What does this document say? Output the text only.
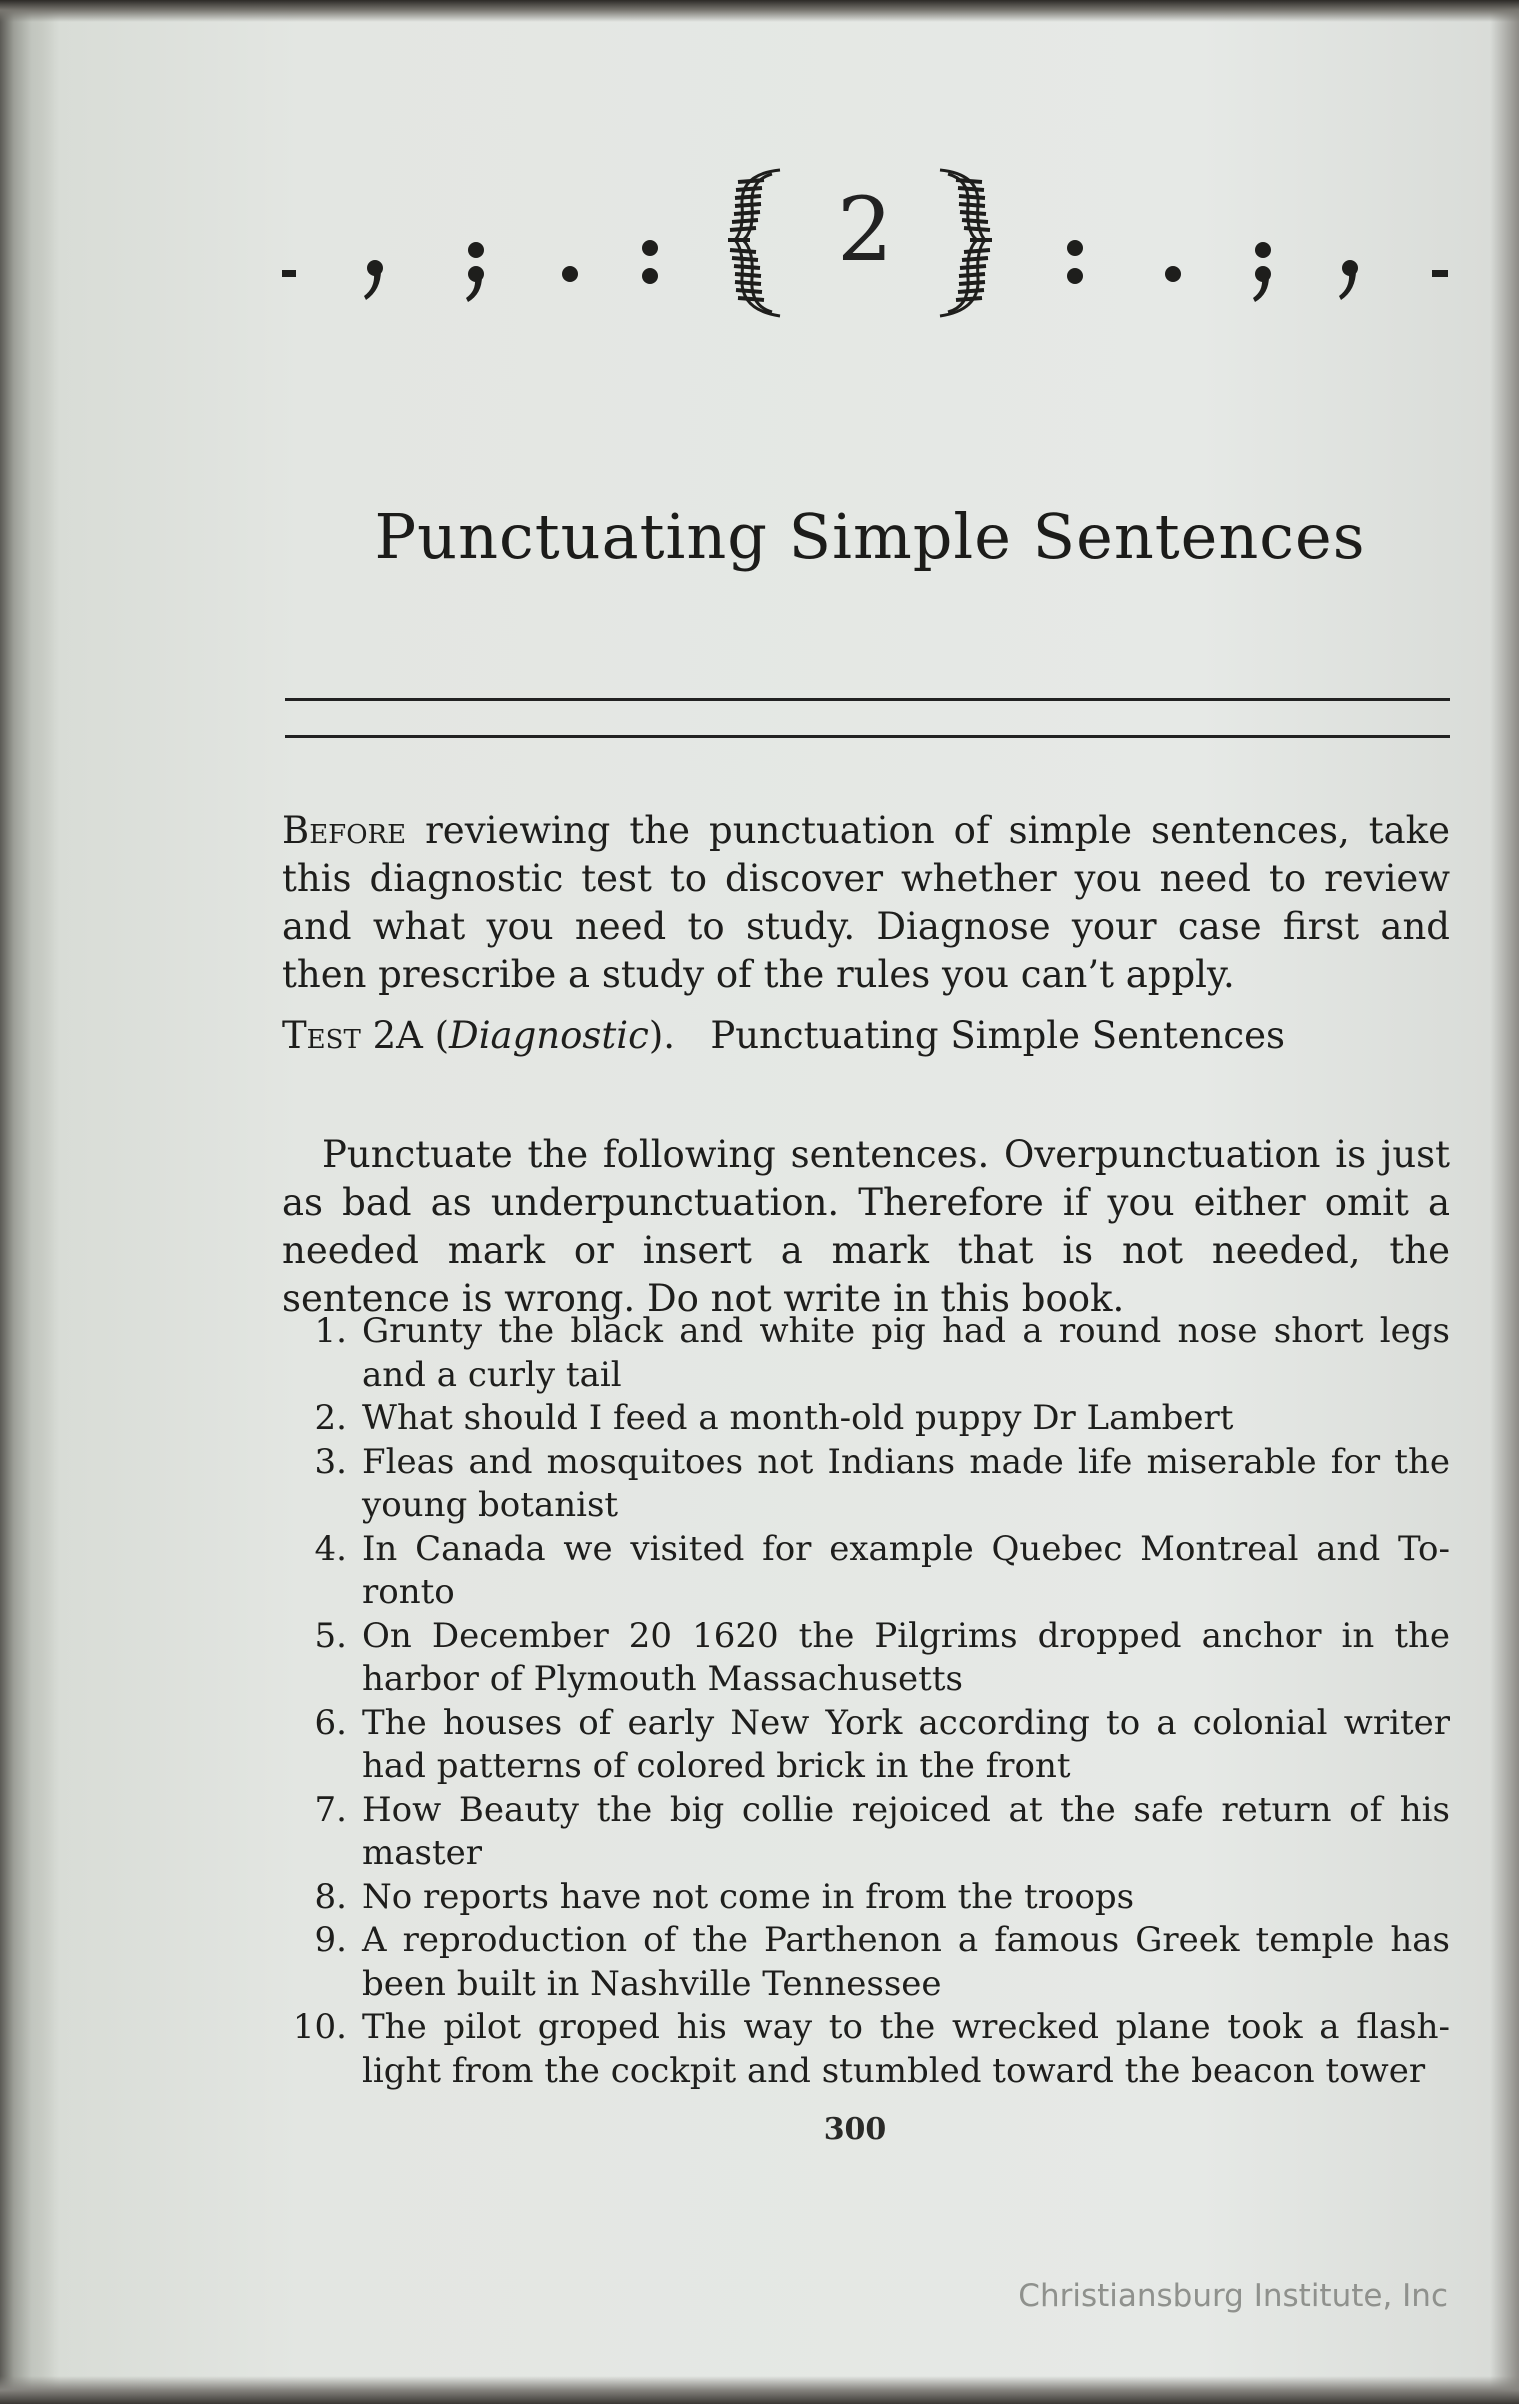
2
Punctuating Simple Sentences

Before reviewing the punctuation of simple sentences, take this diagnostic test to discover whether you need to review and what you need to study. Diagnose your case first and then prescribe a study of the rules you can’t apply.

Test 2A (Diagnostic). Punctuating Simple Sentences

Punctuate the following sentences. Overpunctuation is just as bad as underpunctuation. Therefore if you either omit a needed mark or insert a mark that is not needed, the sentence is wrong. Do not write in this book.

1. Grunty the black and white pig had a round nose short legs and a curly tail
2. What should I feed a month-old puppy Dr Lambert
3. Fleas and mosquitoes not Indians made life miserable for the young botanist
4. In Canada we visited for example Quebec Montreal and To-ronto
5. On December 20 1620 the Pilgrims dropped anchor in the harbor of Plymouth Massachusetts
6. The houses of early New York according to a colonial writer had patterns of colored brick in the front
7. How Beauty the big collie rejoiced at the safe return of his master
8. No reports have not come in from the troops
9. A reproduction of the Parthenon a famous Greek temple has been built in Nashville Tennessee
10. The pilot groped his way to the wrecked plane took a flash-light from the cockpit and stumbled toward the beacon tower
300
Christiansburg Institute, Inc
